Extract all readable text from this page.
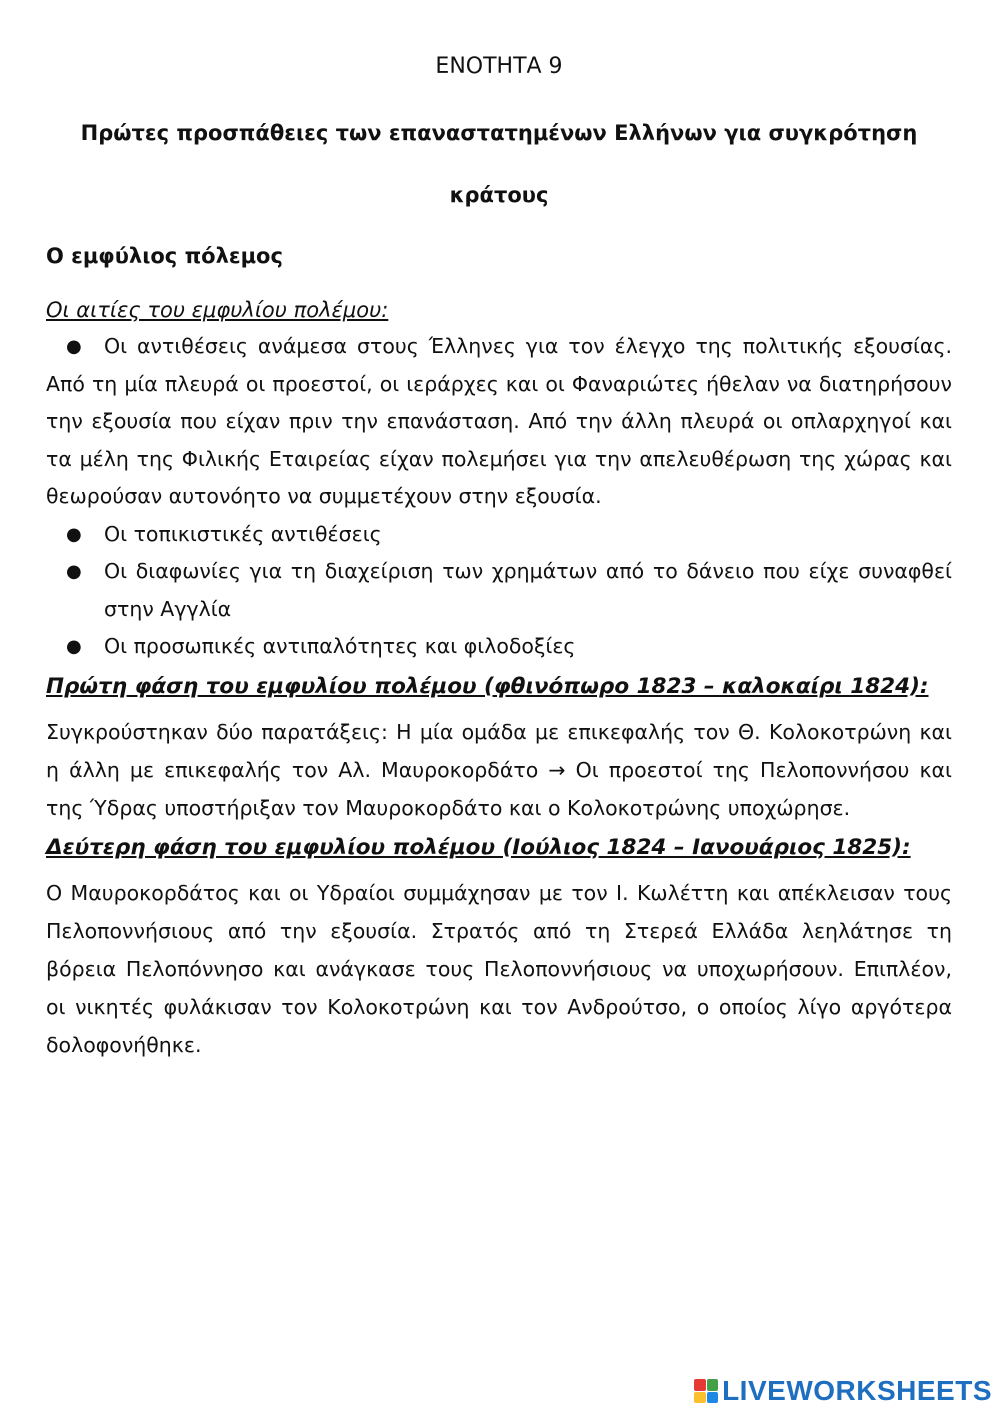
ΕΝΟΤΗΤΑ 9
Πρώτες προσπάθειες των επαναστατημένων Ελλήνων για συγκρότηση
κράτους
Ο εμφύλιος πόλεμος
Οι αιτίες του εμφυλίου πολέμου:
● Οι αντιθέσεις ανάμεσα στους Έλληνες για τον έλεγχο της πολιτικής εξουσίας. Από τη μία πλευρά οι προεστοί, οι ιεράρχες και οι Φαναριώτες ήθελαν να διατηρήσουν την εξουσία που είχαν πριν την επανάσταση. Από την άλλη πλευρά οι οπλαρχηγοί και τα μέλη της Φιλικής Εταιρείας είχαν πολεμήσει για την απελευθέρωση της χώρας και θεωρούσαν αυτονόητο να συμμετέχουν στην εξουσία.
● Οι τοπικιστικές αντιθέσεις
● Οι διαφωνίες για τη διαχείριση των χρημάτων από το δάνειο που είχε συναφθεί στην Αγγλία
● Οι προσωπικές αντιπαλότητες και φιλοδοξίες
Πρώτη φάση του εμφυλίου πολέμου (φθινόπωρο 1823 – καλοκαίρι 1824):
Συγκρούστηκαν δύο παρατάξεις: Η μία ομάδα με επικεφαλής τον Θ. Κολοκοτρώνη και η άλλη με επικεφαλής τον Αλ. Μαυροκορδάτο → Οι προεστοί της Πελοποννήσου και της Ύδρας υποστήριξαν τον Μαυροκορδάτο και ο Κολοκοτρώνης υποχώρησε.
Δεύτερη φάση του εμφυλίου πολέμου (Ιούλιος 1824 – Ιανουάριος 1825):
Ο Μαυροκορδάτος και οι Υδραίοι συμμάχησαν με τον Ι. Κωλέττη και απέκλεισαν τους Πελοποννήσιους από την εξουσία. Στρατός από τη Στερεά Ελλάδα λεηλάτησε τη βόρεια Πελοπόννησο και ανάγκασε τους Πελοποννήσιους να υποχωρήσουν. Επιπλέον, οι νικητές φυλάκισαν τον Κολοκοτρώνη και τον Ανδρούτσο, ο οποίος λίγο αργότερα δολοφονήθηκε.
LIVEWORKSHEETS
